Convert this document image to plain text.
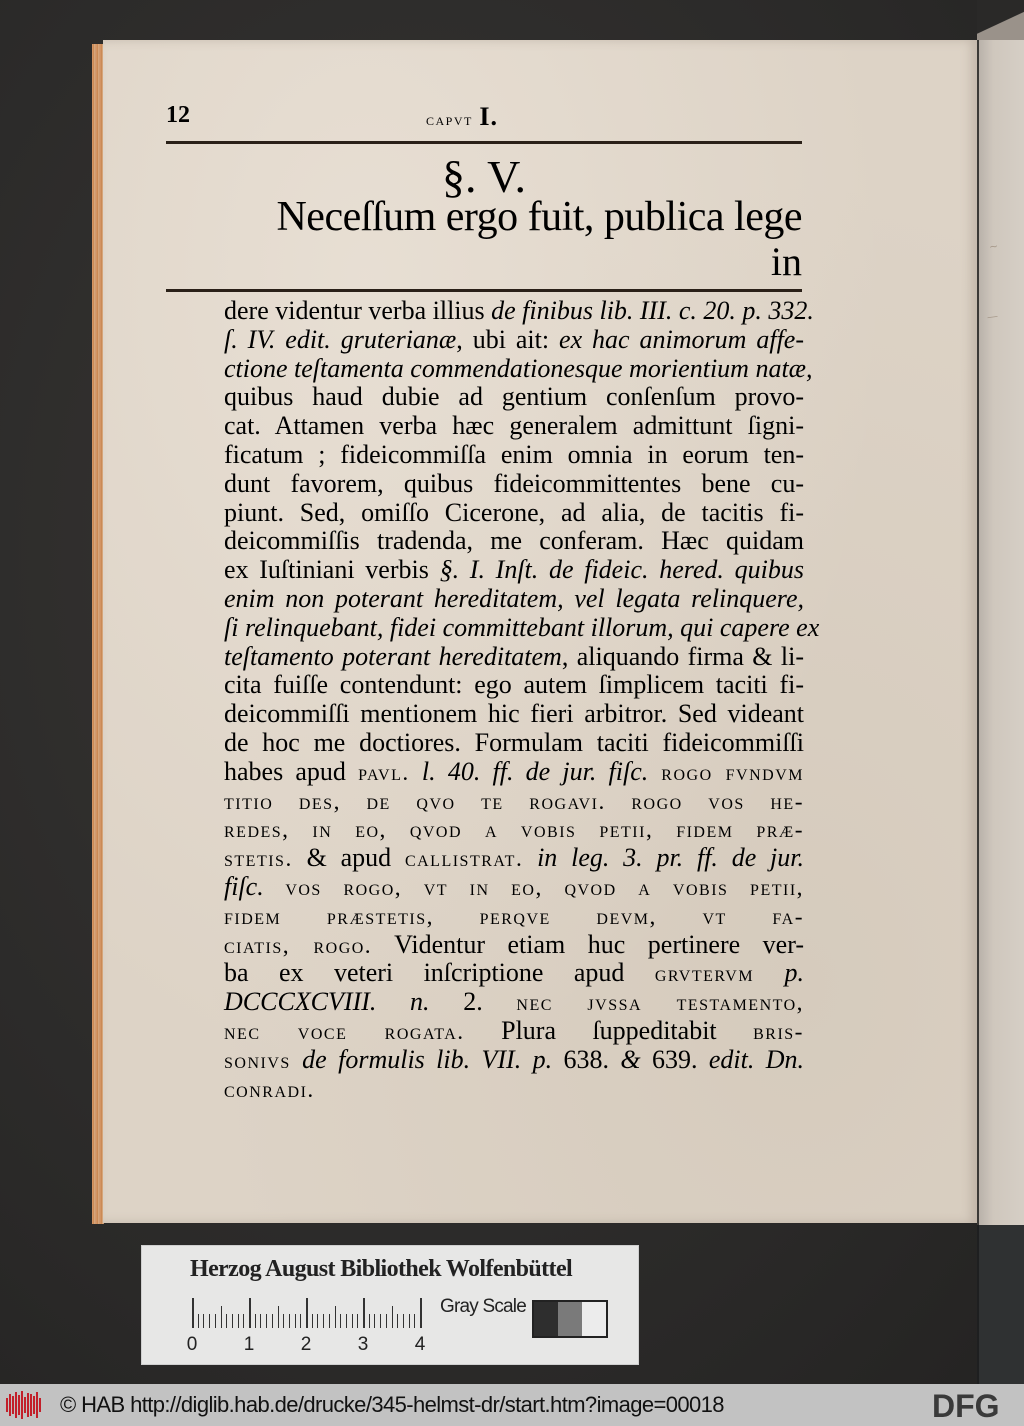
~
—
12	capvt I.
§. V.
Neceſſum ergo fuit, publica lege
in
dere videntur verba illius de finibus lib. III. c. 20. p. 332.
ſ. IV. edit. gruterianæ, ubi ait: ex hac animorum affe-
ctione teſtamenta commendationesque morientium natæ,
quibus haud dubie ad gentium conſenſum provo-
cat. Attamen verba hæc generalem admittunt ſigni-
ficatum ; fideicommiſſa enim omnia in eorum ten-
dunt favorem, quibus fideicommittentes bene cu-
piunt. Sed, omiſſo Cicerone, ad alia, de tacitis fi-
deicommiſſis tradenda, me conferam. Hæc quidam
ex Iuſtiniani verbis §. I. Inſt. de fideic. hered. quibus
enim non poterant hereditatem, vel legata relinquere,
ſi relinquebant, fidei committebant illorum, qui capere ex
teſtamento poterant hereditatem, aliquando firma & li-
cita fuiſſe contendunt: ego autem ſimplicem taciti fi-
deicommiſſi mentionem hic fieri arbitror. Sed videant
de hoc me doctiores. Formulam taciti fideicommiſſi
habes apud pavl. l. 40. ff. de jur. fiſc. rogo fvndvm
titio des, de qvo te rogavi. rogo vos he-
redes, in eo, qvod a vobis petii, fidem præ-
stetis. & apud callistrat. in leg. 3. pr. ff. de jur.
fiſc. vos rogo, vt in eo, qvod a vobis petii,
fidem præstetis, perqve devm, vt fa-
ciatis, rogo. Videntur etiam huc pertinere ver-
ba ex veteri inſcriptione apud grvtervm p.
DCCCXCVIII. n. 2. nec jvssa testamento,
nec voce rogata. Plura ſuppeditabit bris-
sonivs de formulis lib. VII. p. 638. & 639. edit. Dn.
conradi.
Herzog August Bibliothek Wolfenbüttel
0 1 2 3 4
Gray Scale
© HAB http://diglib.hab.de/drucke/345-helmst-dr/start.htm?image=00018	DFG
